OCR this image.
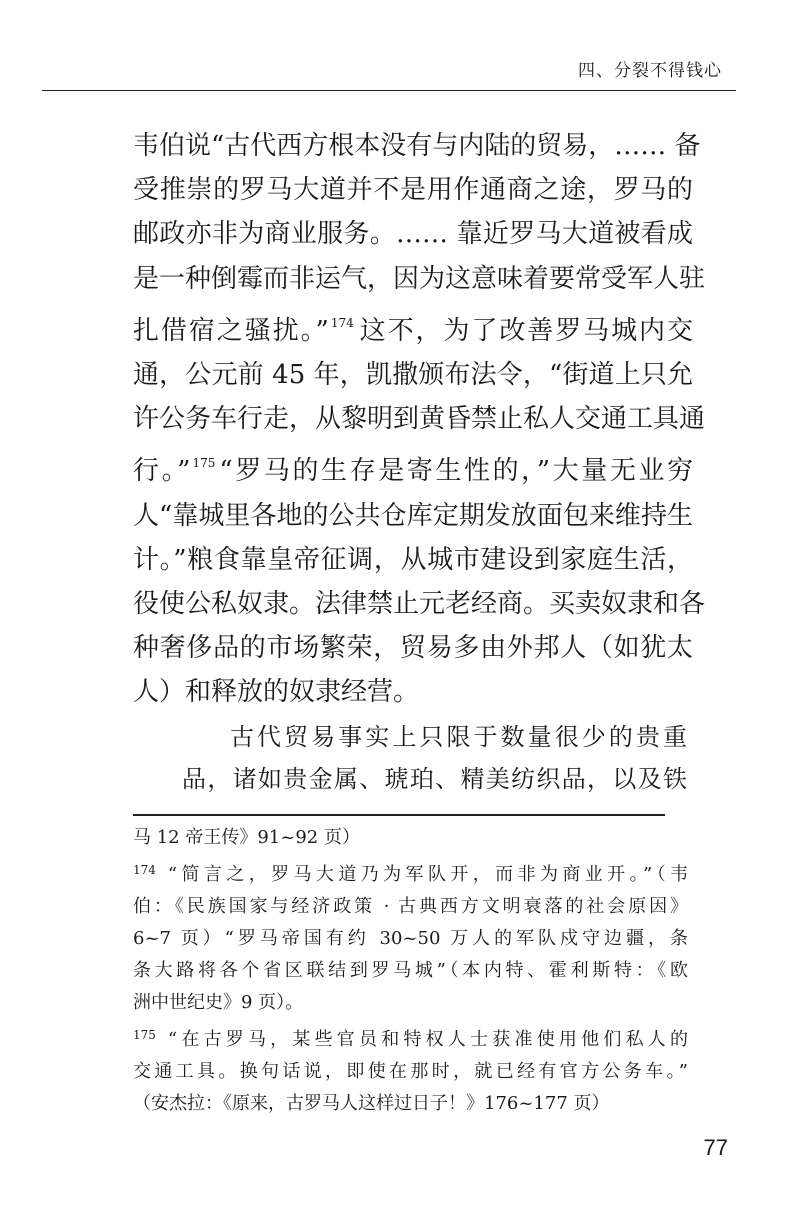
四、分裂不得钱心
韦伯说“古代西方根本没有与内陆的贸易，…… 备
受推崇的罗马大道并不是用作通商之途，罗马的
邮政亦非为商业服务。…… 靠近罗马大道被看成
是一种倒霉而非运气，因为这意味着要常受军人驻
扎借宿之骚扰。” $^{174}$ 这不，为了改善罗马城内交
通，公元前 45 年，凯撒颁布法令，“街道上只允
许公务车行走，从黎明到黄昏禁止私人交通工具通
行。” $^{175}$ “罗马的生存是寄生性的，”大量无业穷
人“靠城里各地的公共仓库定期发放面包来维持生
计。”粮食靠皇帝征调，从城市建设到家庭生活，
役使公私奴隶。法律禁止元老经商。买卖奴隶和各
种奢侈品的市场繁荣，贸易多由外邦人（如犹太
人）和释放的奴隶经营。
古代贸易事实上只限于数量很少的贵重
品，诸如贵金属、琥珀、精美纺织品，以及铁
马 12 帝王传》91~92 页）
$^{174}$ “简言之，罗马大道乃为军队开，而非为商业开。”（韦
伯：《民族国家与经济政策 · 古典西方文明衰落的社会原因》
6~7 页）“罗马帝国有约 30~50 万人的军队戍守边疆，条
条大路将各个省区联结到罗马城”（本内特、霍利斯特：《欧
洲中世纪史》9 页）。
$^{175}$ “在古罗马，某些官员和特权人士获准使用他们私人的
交通工具。换句话说，即使在那时，就已经有官方公务车。”
（安杰拉：《原来，古罗马人这样过日子！》176~177 页）
77
